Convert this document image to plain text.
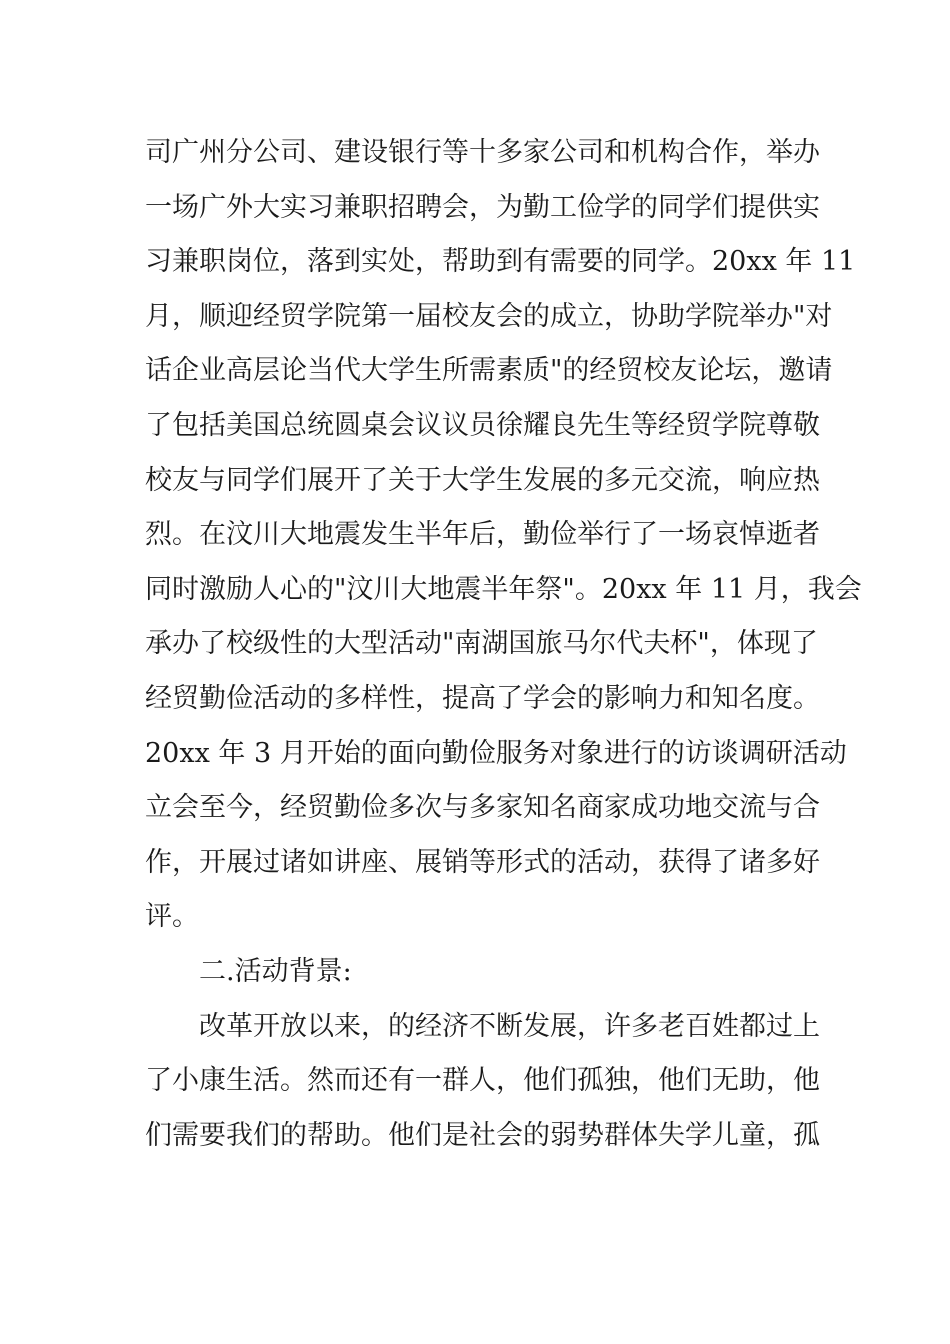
司广州分公司、建设银行等十多家公司和机构合作，举办
一场广外大实习兼职招聘会，为勤工俭学的同学们提供实
习兼职岗位，落到实处，帮助到有需要的同学。20xx 年 11
月，顺迎经贸学院第一届校友会的成立，协助学院举办"对
话企业高层论当代大学生所需素质"的经贸校友论坛，邀请
了包括美国总统圆桌会议议员徐耀良先生等经贸学院尊敬
校友与同学们展开了关于大学生发展的多元交流，响应热
烈。在汶川大地震发生半年后，勤俭举行了一场哀悼逝者
同时激励人心的"汶川大地震半年祭"。20xx 年 11 月，我会
承办了校级性的大型活动"南湖国旅马尔代夫杯"，体现了
经贸勤俭活动的多样性，提高了学会的影响力和知名度。
20xx 年 3 月开始的面向勤俭服务对象进行的访谈调研活动
立会至今，经贸勤俭多次与多家知名商家成功地交流与合
作，开展过诸如讲座、展销等形式的活动，获得了诸多好
评。
二.活动背景:
改革开放以来，的经济不断发展，许多老百姓都过上
了小康生活。然而还有一群人，他们孤独，他们无助，他
们需要我们的帮助。他们是社会的弱势群体失学儿童，孤
